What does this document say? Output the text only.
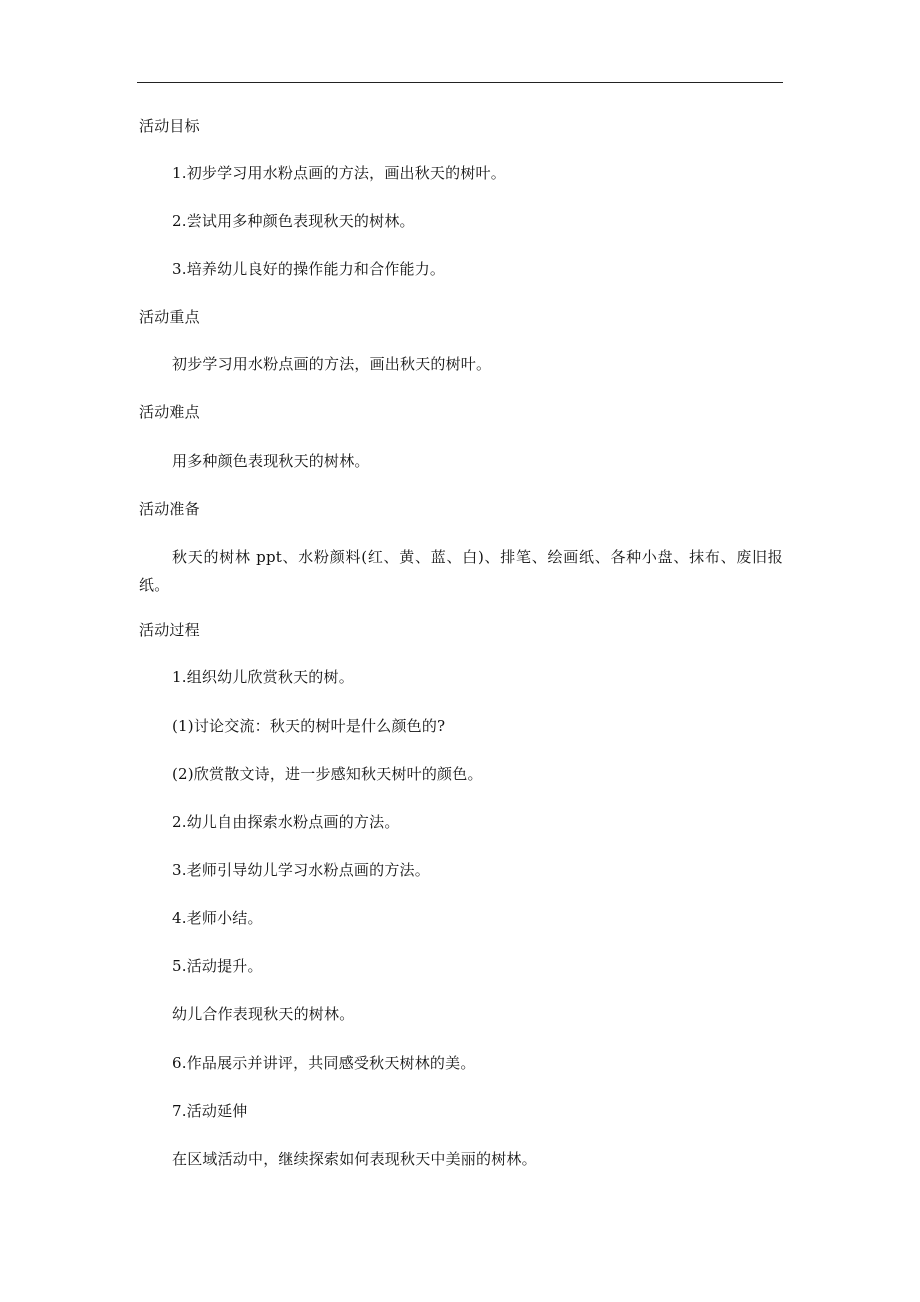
活动目标
1.初步学习用水粉点画的方法，画出秋天的树叶。
2.尝试用多种颜色表现秋天的树林。
3.培养幼儿良好的操作能力和合作能力。
活动重点
初步学习用水粉点画的方法，画出秋天的树叶。
活动难点
用多种颜色表现秋天的树林。
活动准备
秋天的树林 ppt、水粉颜料(红、黄、蓝、白)、排笔、绘画纸、各种小盘、抹布、废旧报纸。
活动过程
1.组织幼儿欣赏秋天的树。
(1)讨论交流：秋天的树叶是什么颜色的?
(2)欣赏散文诗，进一步感知秋天树叶的颜色。
2.幼儿自由探索水粉点画的方法。
3.老师引导幼儿学习水粉点画的方法。
4.老师小结。
5.活动提升。
幼儿合作表现秋天的树林。
6.作品展示并讲评，共同感受秋天树林的美。
7.活动延伸
在区域活动中，继续探索如何表现秋天中美丽的树林。
